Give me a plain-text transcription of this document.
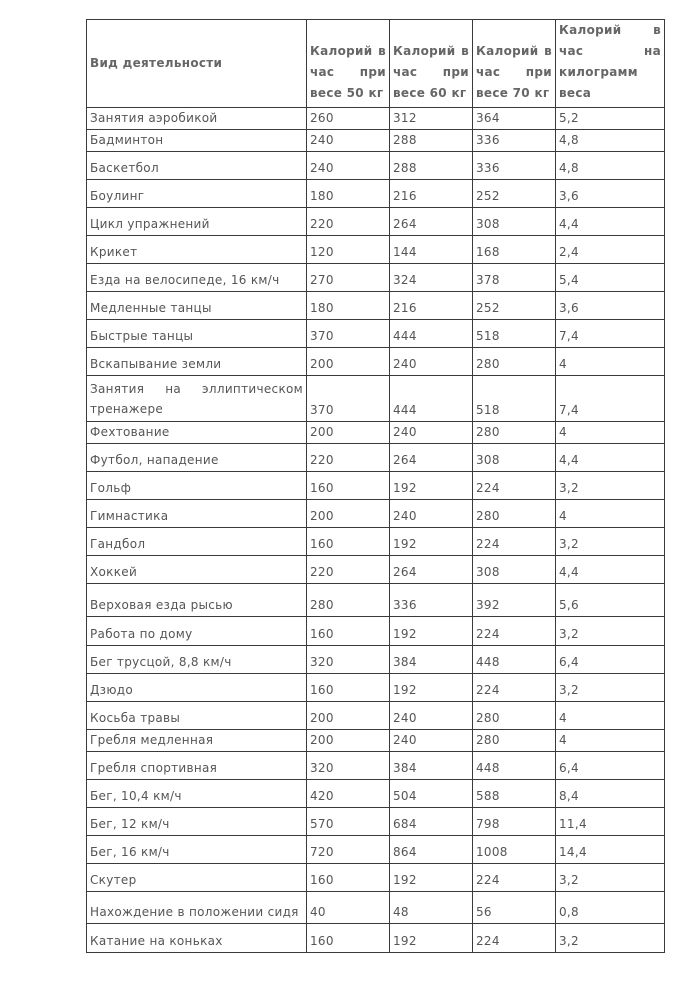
Вид деятельности	Калорий в час при весе 50 кг	Калорий в час при весе 60 кг	Калорий в час при весе 70 кг	Калорий в час на килограмм веса
Занятия аэробикой	260	312	364	5,2
Бадминтон	240	288	336	4,8
Баскетбол	240	288	336	4,8
Боулинг	180	216	252	3,6
Цикл упражнений	220	264	308	4,4
Крикет	120	144	168	2,4
Езда на велосипеде, 16 км/ч	270	324	378	5,4
Медленные танцы	180	216	252	3,6
Быстрые танцы	370	444	518	7,4
Вскапывание земли	200	240	280	4
Занятия на эллиптическом тренажере	370	444	518	7,4
Фехтование	200	240	280	4
Футбол, нападение	220	264	308	4,4
Гольф	160	192	224	3,2
Гимнастика	200	240	280	4
Гандбол	160	192	224	3,2
Хоккей	220	264	308	4,4
Верховая езда рысью	280	336	392	5,6
Работа по дому	160	192	224	3,2
Бег трусцой, 8,8 км/ч	320	384	448	6,4
Дзюдо	160	192	224	3,2
Косьба травы	200	240	280	4
Гребля медленная	200	240	280	4
Гребля спортивная	320	384	448	6,4
Бег, 10,4 км/ч	420	504	588	8,4
Бег, 12 км/ч	570	684	798	11,4
Бег, 16 км/ч	720	864	1008	14,4
Скутер	160	192	224	3,2
Нахождение в положении сидя	40	48	56	0,8
Катание на коньках	160	192	224	3,2
